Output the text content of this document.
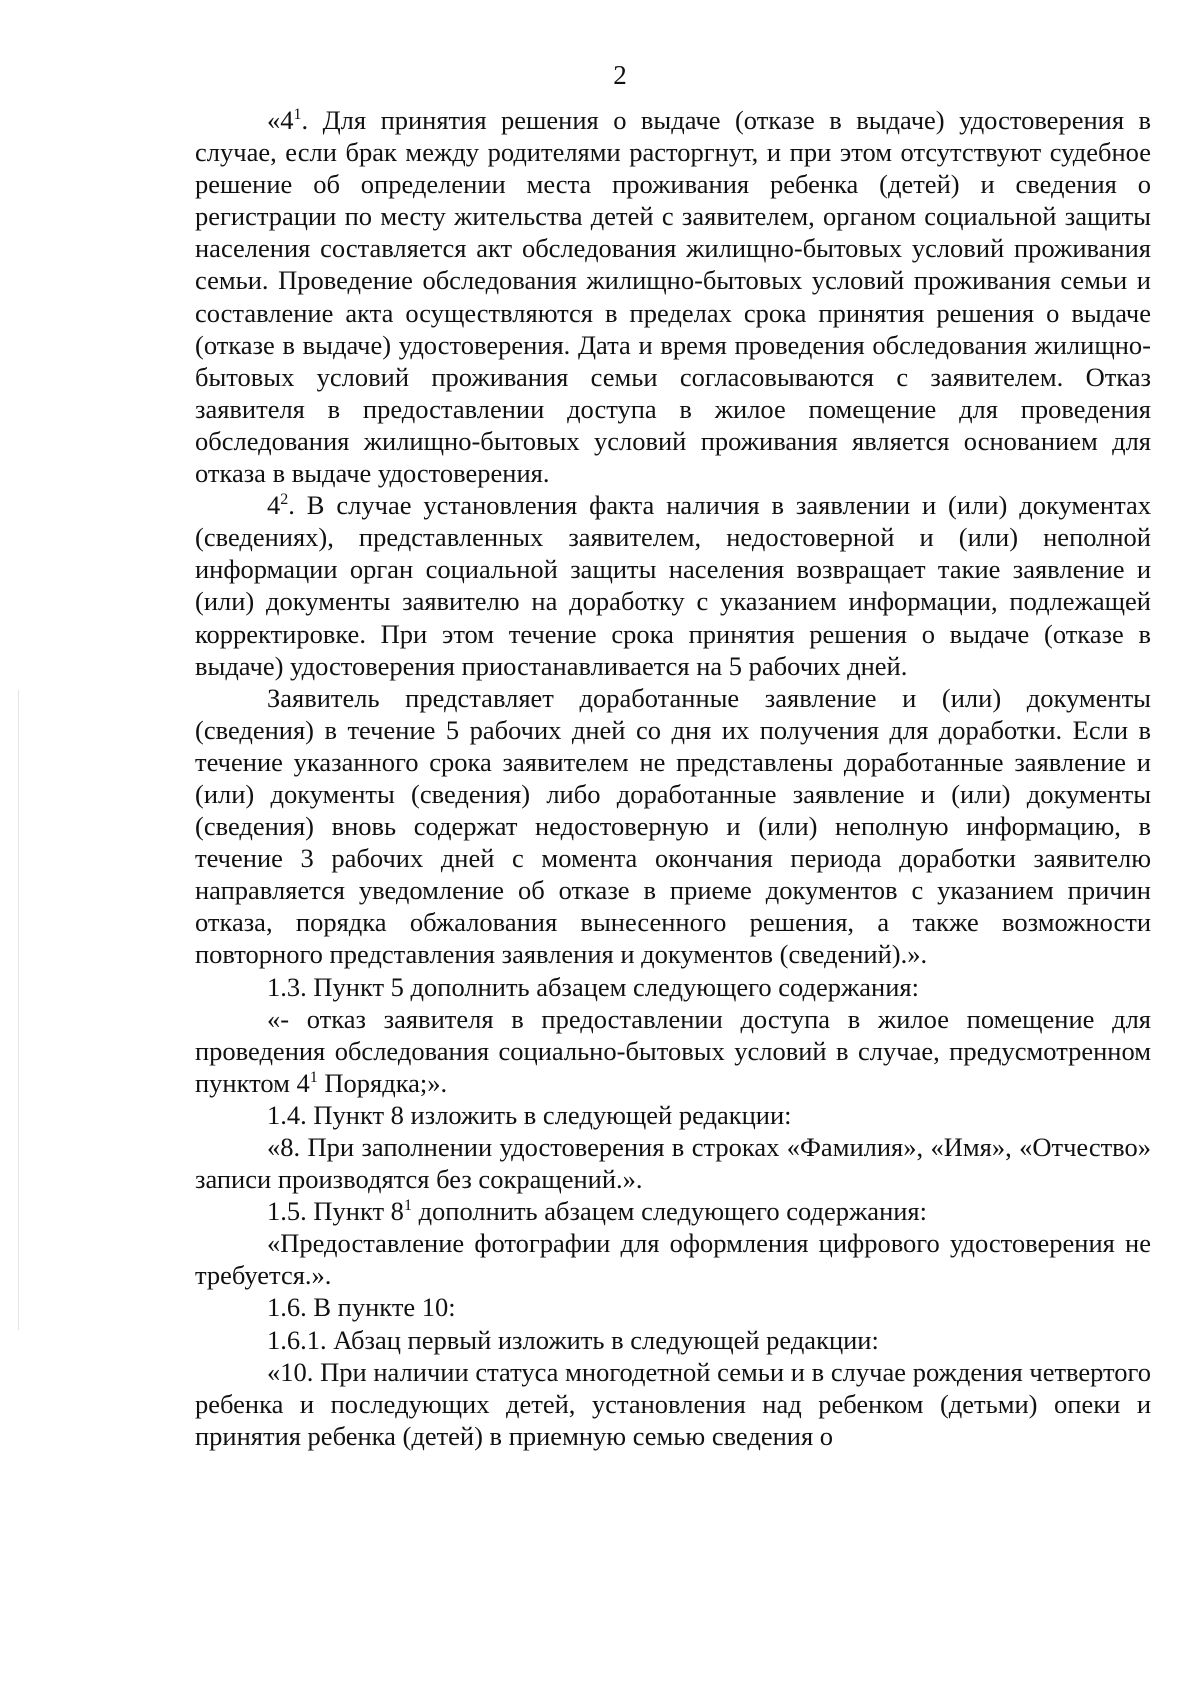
2

«$4^1$. Для принятия решения о выдаче (отказе в выдаче) удостоверения в случае, если брак между родителями расторгнут, и при этом отсутствуют судебное решение об определении места проживания ребенка (детей) и сведения о регистрации по месту жительства детей с заявителем, органом социальной защиты населения составляется акт обследования жилищно-бытовых условий проживания семьи. Проведение обследования жилищно-бытовых условий проживания семьи и составление акта осуществляются в пределах срока принятия решения о выдаче (отказе в выдаче) удостоверения. Дата и время проведения обследования жилищно-бытовых условий проживания семьи согласовываются с заявителем. Отказ заявителя в предоставлении доступа в жилое помещение для проведения обследования жилищно-бытовых условий проживания является основанием для отказа в выдаче удостоверения.

$4^2$. В случае установления факта наличия в заявлении и (или) документах (сведениях), представленных заявителем, недостоверной и (или) неполной информации орган социальной защиты населения возвращает такие заявление и (или) документы заявителю на доработку с указанием информации, подлежащей корректировке. При этом течение срока принятия решения о выдаче (отказе в выдаче) удостоверения приостанавливается на 5 рабочих дней.

Заявитель представляет доработанные заявление и (или) документы (сведения) в течение 5 рабочих дней со дня их получения для доработки. Если в течение указанного срока заявителем не представлены доработанные заявление и (или) документы (сведения) либо доработанные заявление и (или) документы (сведения) вновь содержат недостоверную и (или) неполную информацию, в течение 3 рабочих дней с момента окончания периода доработки заявителю направляется уведомление об отказе в приеме документов с указанием причин отказа, порядка обжалования вынесенного решения, а также возможности повторного представления заявления и документов (сведений).».

1.3. Пункт 5 дополнить абзацем следующего содержания:

«- отказ заявителя в предоставлении доступа в жилое помещение для проведения обследования социально-бытовых условий в случае, предусмотренном пунктом $4^1$ Порядка;».

1.4. Пункт 8 изложить в следующей редакции:

«8. При заполнении удостоверения в строках «Фамилия», «Имя», «Отчество» записи производятся без сокращений.».

1.5. Пункт $8^1$ дополнить абзацем следующего содержания:

«Предоставление фотографии для оформления цифрового удостоверения не требуется.».

1.6. В пункте 10:

1.6.1. Абзац первый изложить в следующей редакции:

«10. При наличии статуса многодетной семьи и в случае рождения четвертого ребенка и последующих детей, установления над ребенком (детьми) опеки и принятия ребенка (детей) в приемную семью сведения о
